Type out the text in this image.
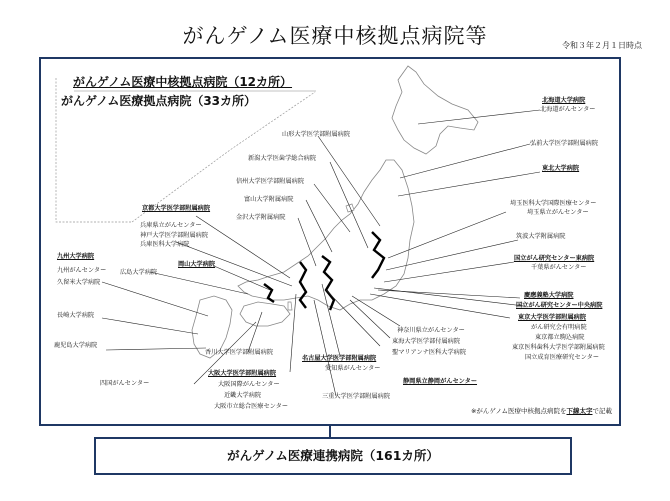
がんゲノム医療中核拠点病院等	令和３年２月１日時点
がんゲノム医療中核拠点病院（12カ所）
がんゲノム医療拠点病院（33カ所）	北海道大学病院
北海道がんセンター
弘前大学医学部附属病院
東北大学病院
埼玉医科大学国際医療センター
埼玉県立がんセンター
筑波大学附属病院
国立がん研究センター東病院
千葉県がんセンター
慶應義塾大学病院
国立がん研究センター中央病院
東京大学医学部附属病院
がん研究会有明病院
東京都立駒込病院
東京医科歯科大学医学部附属病院
国立成育医療研究センター
山形大学医学部附属病院
新潟大学医歯学総合病院
信州大学医学部附属病院
富山大学附属病院
金沢大学附属病院
神奈川県立がんセンター
東海大学医学部付属病院
聖マリアンナ医科大学病院
名古屋大学医学部附属病院
愛知県がんセンター
静岡県立静岡がんセンター
三重大学医学部附属病院
京都大学医学部附属病院
兵庫県立がんセンター
神戸大学医学部附属病院
兵庫医科大学病院
広島大学病院
岡山大学病院
九州大学病院
九州がんセンター
久留米大学病院
長崎大学病院
鹿児島大学病院
四国がんセンター
香川大学医学部附属病院
大阪大学医学部附属病院
大阪国際がんセンター
近畿大学病院
大阪市立総合医療センター
※がんゲノム医療中核拠点病院を下線太字で記載
がんゲノム医療連携病院（161カ所）
